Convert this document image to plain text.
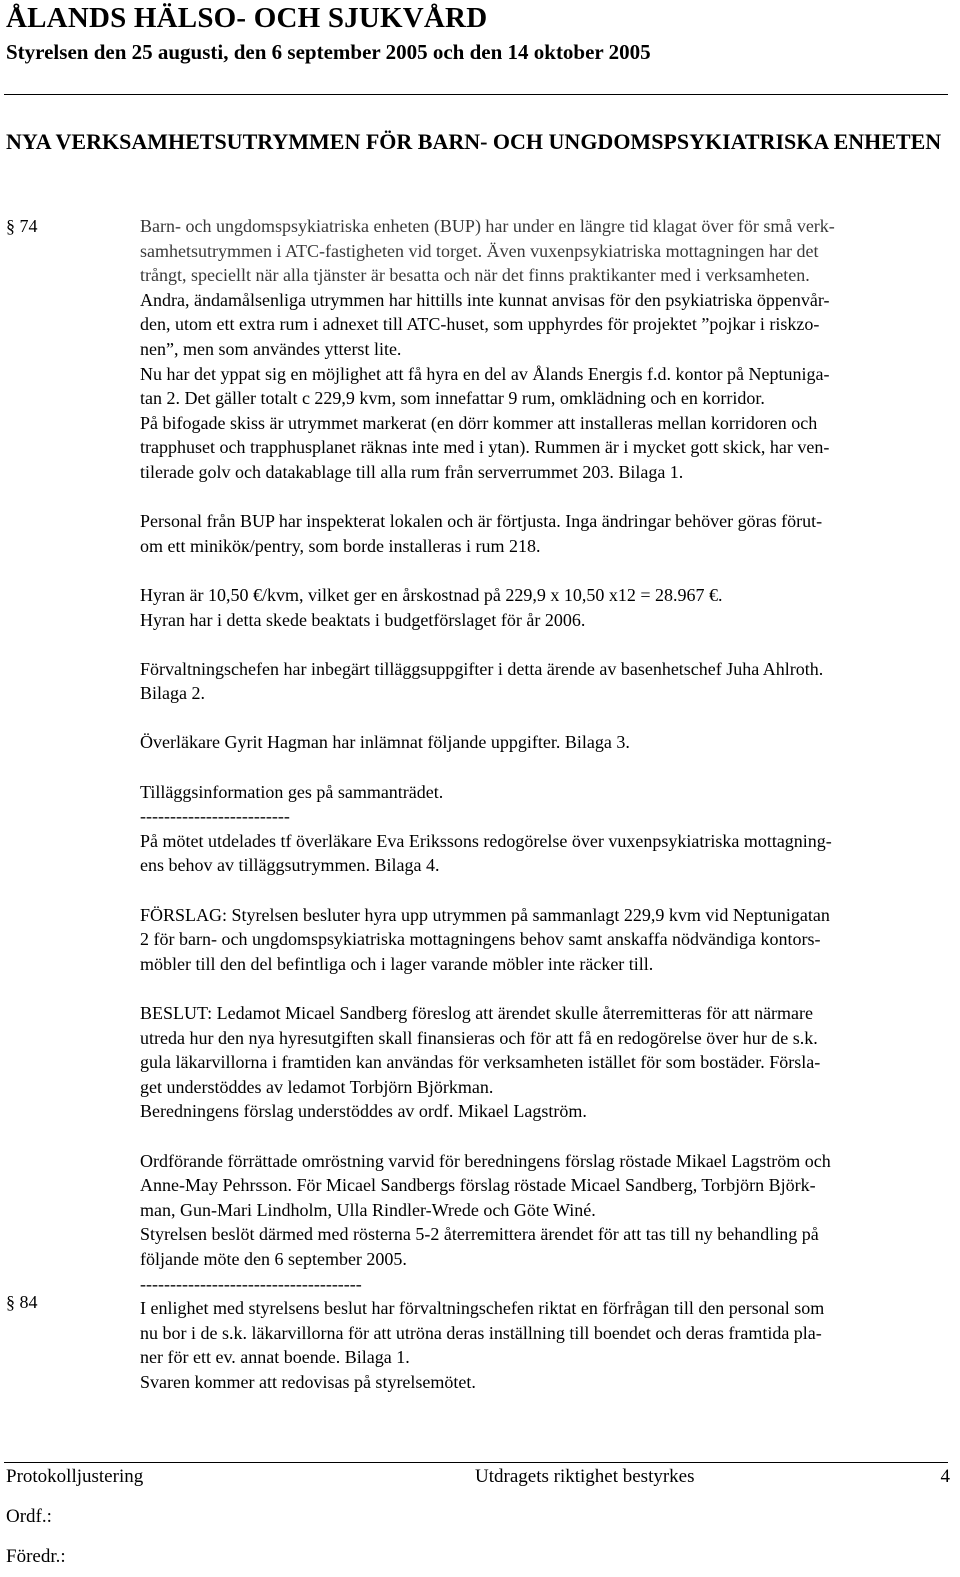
ÅLANDS HÄLSO- OCH SJUKVÅRD
Styrelsen den 25 augusti, den 6 september 2005 och den 14 oktober 2005
NYA VERKSAMHETSUTRYMMEN FÖR BARN- OCH UNGDOMSPSYKIATRISKA ENHETEN
§ 74
§ 84
Barn- och ungdomspsykiatriska enheten (BUP) har under en längre tid klagat över för små verk-
samhetsutrymmen i ATC-fastigheten vid torget. Även vuxenpsykiatriska mottagningen har det
trångt, speciellt när alla tjänster är besatta och när det finns praktikanter med i verksamheten.
Andra, ändamålsenliga utrymmen har hittills inte kunnat anvisas för den psykiatriska öppenvår-
den, utom ett extra rum i adnexet till ATC-huset, som upphyrdes för projektet ”pojkar i riskzo-
nen”, men som användes ytterst lite.
Nu har det yppat sig en möjlighet att få hyra en del av Ålands Energis f.d. kontor på Neptuniga-
tan 2. Det gäller totalt c 229,9 kvm, som innefattar 9 rum, omklädning och en korridor.
På bifogade skiss är utrymmet markerat (en dörr kommer att installeras mellan korridoren och
trapphuset och trapphusplanet räknas inte med i ytan). Rummen är i mycket gott skick, har ven-
tilerade golv och datakablage till alla rum från serverrummet 203. Bilaga 1.
Personal från BUP har inspekterat lokalen och är förtjusta. Inga ändringar behöver göras förut-
om ett miniköк/pentry, som borde installeras i rum 218.
Hyran är 10,50 €/kvm, vilket ger en årskostnad på 229,9 x 10,50 x12 = 28.967 €.
Hyran har i detta skede beaktats i budgetförslaget för år 2006.
Förvaltningschefen har inbegärt tilläggsuppgifter i detta ärende av basenhetschef Juha Ahlroth.
Bilaga 2.
Överläkare Gyrit Hagman har inlämnat följande uppgifter. Bilaga 3.
Tilläggsinformation ges på sammanträdet.
-------------------------
På mötet utdelades tf överläkare Eva Erikssons redogörelse över vuxenpsykiatriska mottagning-
ens behov av tilläggsutrymmen. Bilaga 4.
FÖRSLAG: Styrelsen besluter hyra upp utrymmen på sammanlagt 229,9 kvm vid Neptunigatan
2 för barn- och ungdomspsykiatriska mottagningens behov samt anskaffa nödvändiga kontors-
möbler till den del befintliga och i lager varande möbler inte räcker till.
BESLUT: Ledamot Micael Sandberg föreslog att ärendet skulle återremitteras för att närmare
utreda hur den nya hyresutgiften skall finansieras och för att få en redogörelse över hur de s.k.
gula läkarvillorna i framtiden kan användas för verksamheten istället för som bostäder. Försla-
get understöddes av ledamot Torbjörn Björkman.
Beredningens förslag understöddes av ordf. Mikael Lagström.
Ordförande förrättade omröstning varvid för beredningens förslag röstade Mikael Lagström och
Anne-May Pehrsson. För Micael Sandbergs förslag röstade Micael Sandberg, Torbjörn Björk-
man, Gun-Mari Lindholm, Ulla Rindler-Wrede och Göte Winé.
Styrelsen beslöt därmed med rösterna 5-2 återremittera ärendet för att tas till ny behandling på
följande möte den 6 september 2005.
-------------------------------------
I enlighet med styrelsens beslut har förvaltningschefen riktat en förfrågan till den personal som
nu bor i de s.k. läkarvillorna för att utröna deras inställning till boendet och deras framtida pla-
ner för ett ev. annat boende. Bilaga 1.
Svaren kommer att redovisas på styrelsemötet.
Protokolljustering	Utdragets riktighet bestyrkes	4
Ordf.:
Föredr.:
